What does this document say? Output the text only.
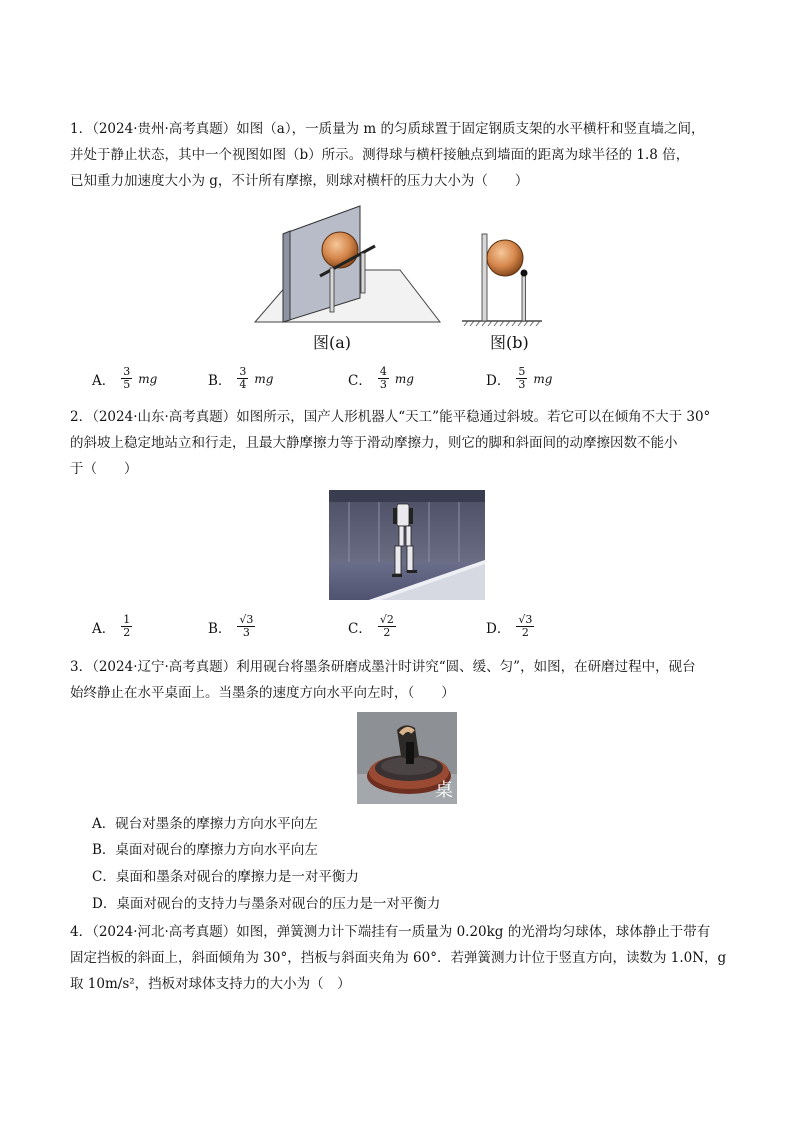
1．（2024·贵州·高考真题）如图（a），一质量为 m 的匀质球置于固定钢质支架的水平横杆和竖直墙之间，
并处于静止状态，其中一个视图如图（b）所示。测得球与横杆接触点到墙面的距离为球半径的 1.8 倍，
已知重力加速度大小为 g，不计所有摩擦，则球对横杆的压力大小为（　　）
图(a)	图(b)
A． $\frac{3}{5}$ mg	B． $\frac{3}{4}$ mg	C． $\frac{4}{3}$ mg	D． $\frac{5}{3}$ mg
2．（2024·山东·高考真题）如图所示，国产人形机器人“天工”能平稳通过斜坡。若它可以在倾角不大于 30°
的斜坡上稳定地站立和行走，且最大静摩擦力等于滑动摩擦力，则它的脚和斜面间的动摩擦因数不能小
于（　　）
A． $\frac{1}{2}$	B． $\frac{√3}{3}$	C． $\frac{√2}{2}$	D． $\frac{√3}{2}$
3．（2024·辽宁·高考真题）利用砚台将墨条研磨成墨汁时讲究“圆、缓、匀”，如图，在研磨过程中，砚台
始终静止在水平桌面上。当墨条的速度方向水平向左时，（　　）
桌
A．砚台对墨条的摩擦力方向水平向左
B．桌面对砚台的摩擦力方向水平向左
C．桌面和墨条对砚台的摩擦力是一对平衡力
D．桌面对砚台的支持力与墨条对砚台的压力是一对平衡力
4．（2024·河北·高考真题）如图，弹簧测力计下端挂有一质量为 0.20kg 的光滑均匀球体，球体静止于带有
固定挡板的斜面上，斜面倾角为 30°，挡板与斜面夹角为 60°．若弹簧测力计位于竖直方向，读数为 1.0N，g
取 10m/s²，挡板对球体支持力的大小为（　）
